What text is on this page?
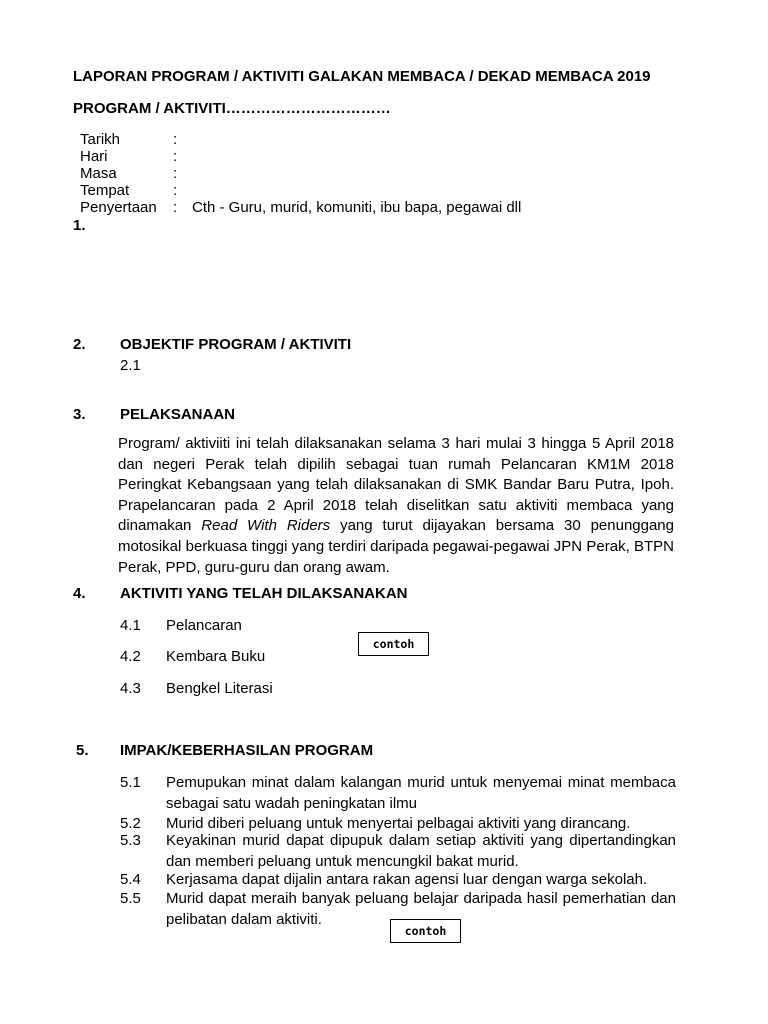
LAPORAN PROGRAM / AKTIVITI GALAKAN MEMBACA / DEKAD MEMBACA 2019
PROGRAM / AKTIVITI……………………………
Tarikh	:
Hari	:
Masa	:
Tempat	:
Penyertaan : Cth - Guru, murid, komuniti, ibu bapa, pegawai dll
1.
2. OBJEKTIF PROGRAM / AKTIVITI
2.1
3. PELAKSANAAN

Program/ aktiviiti ini telah dilaksanakan selama 3 hari mulai 3 hingga 5 April 2018 dan negeri Perak telah dipilih sebagai tuan rumah Pelancaran KM1M 2018 Peringkat Kebangsaan yang telah dilaksanakan di SMK Bandar Baru Putra, Ipoh. Prapelancaran pada 2 April 2018 telah diselitkan satu aktiviti membaca yang dinamakan Read With Riders yang turut dijayakan bersama 30 penunggang motosikal berkuasa tinggi yang terdiri daripada pegawai-pegawai JPN Perak, BTPN Perak, PPD, guru-guru dan orang awam.

4. AKTIVITI YANG TELAH DILAKSANAKAN
4.1 Pelancaran
4.2 Kembara Buku
4.3 Bengkel Literasi
contoh
5. IMPAK/KEBERHASILAN PROGRAM
5.1	Pemupukan minat dalam kalangan murid untuk menyemai minat membaca sebagai satu wadah peningkatan ilmu
5.2	Murid diberi peluang untuk menyertai pelbagai aktiviti yang dirancang.
5.3	Keyakinan murid dapat dipupuk dalam setiap aktiviti yang dipertandingkan dan memberi peluang untuk mencungkil bakat murid.
5.4	Kerjasama dapat dijalin antara rakan agensi luar dengan warga sekolah.
5.5	Murid dapat meraih banyak peluang belajar daripada hasil pemerhatian dan pelibatan dalam aktiviti.
contoh
